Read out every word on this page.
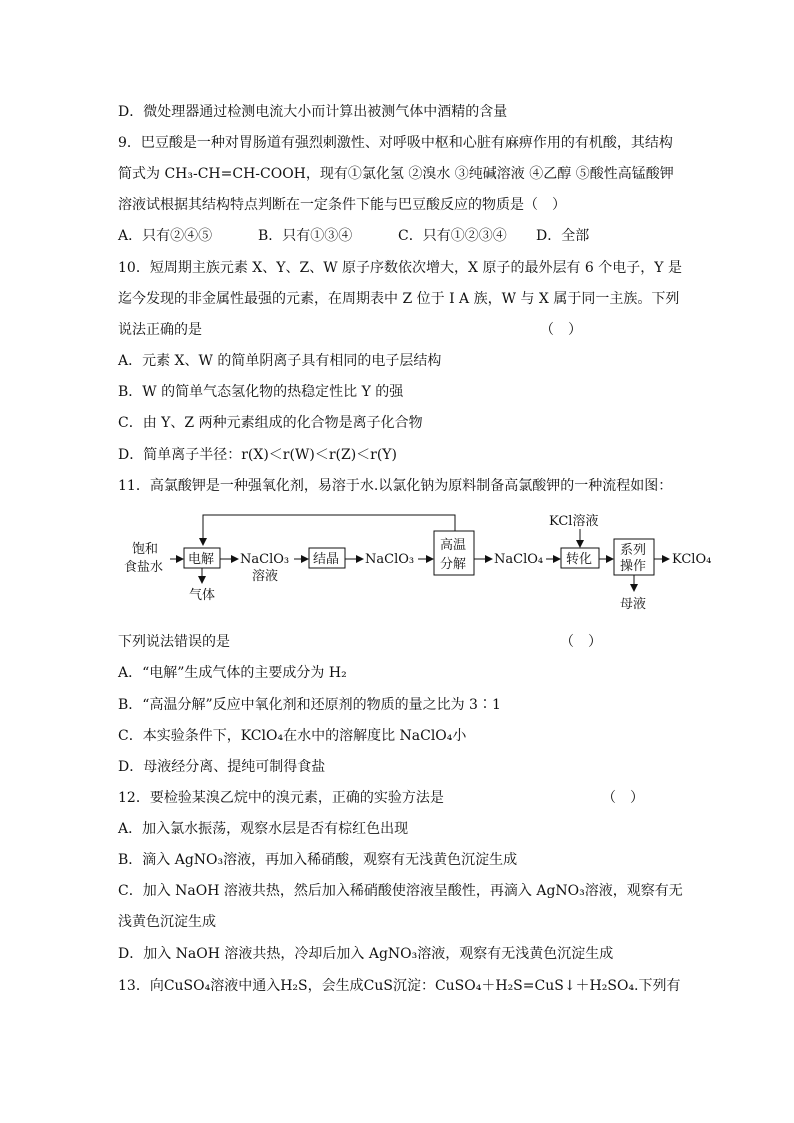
D．微处理器通过检测电流大小而计算出被测气体中酒精的含量
9．巴豆酸是一种对胃肠道有强烈刺激性、对呼吸中枢和心脏有麻痹作用的有机酸，其结构
简式为 CH₃-CH=CH-COOH，现有①氯化氢 ②溴水 ③纯碱溶液 ④乙醇 ⑤酸性高锰酸钾
溶液试根据其结构特点判断在一定条件下能与巴豆酸反应的物质是（　）
A．只有②④⑤	B．只有①③④	C．只有①②③④ D．全部
10．短周期主族元素 X、Y、Z、W 原子序数依次增大，X 原子的最外层有 6 个电子，Y 是
迄今发现的非金属性最强的元素，在周期表中 Z 位于 I A 族，W 与 X 属于同一主族。下列
说法正确的是	（　）
A．元素 X、W 的简单阴离子具有相同的电子层结构
B．W 的简单气态氢化物的热稳定性比 Y 的强
C．由 Y、Z 两种元素组成的化合物是离子化合物
D．简单离子半径：r(X)＜r(W)＜r(Z)＜r(Y)
11．高氯酸钾是一种强氧化剂，易溶于水.以氯化钠为原料制备高氯酸钾的一种流程如图：
饱和
食盐水
电解
气体
NaClO₃
溶液
结晶 NaClO₃
高温
分解 NaClO₄
KCl溶液
转化
系列
操作 KClO₄
母液
下列说法错误的是	（　）
A．“电解”生成气体的主要成分为 H₂
B．“高温分解”反应中氧化剂和还原剂的物质的量之比为 3∶1
C．本实验条件下，KClO₄在水中的溶解度比 NaClO₄小
D．母液经分离、提纯可制得食盐
12．要检验某溴乙烷中的溴元素，正确的实验方法是	（　）
A．加入氯水振荡，观察水层是否有棕红色出现
B．滴入 AgNO₃溶液，再加入稀硝酸，观察有无浅黄色沉淀生成
C．加入 NaOH 溶液共热，然后加入稀硝酸使溶液呈酸性，再滴入 AgNO₃溶液，观察有无
浅黄色沉淀生成
D．加入 NaOH 溶液共热，冷却后加入 AgNO₃溶液，观察有无浅黄色沉淀生成
13．向CuSO₄溶液中通入H₂S，会生成CuS沉淀：CuSO₄＋H₂S=CuS↓＋H₂SO₄.下列有
